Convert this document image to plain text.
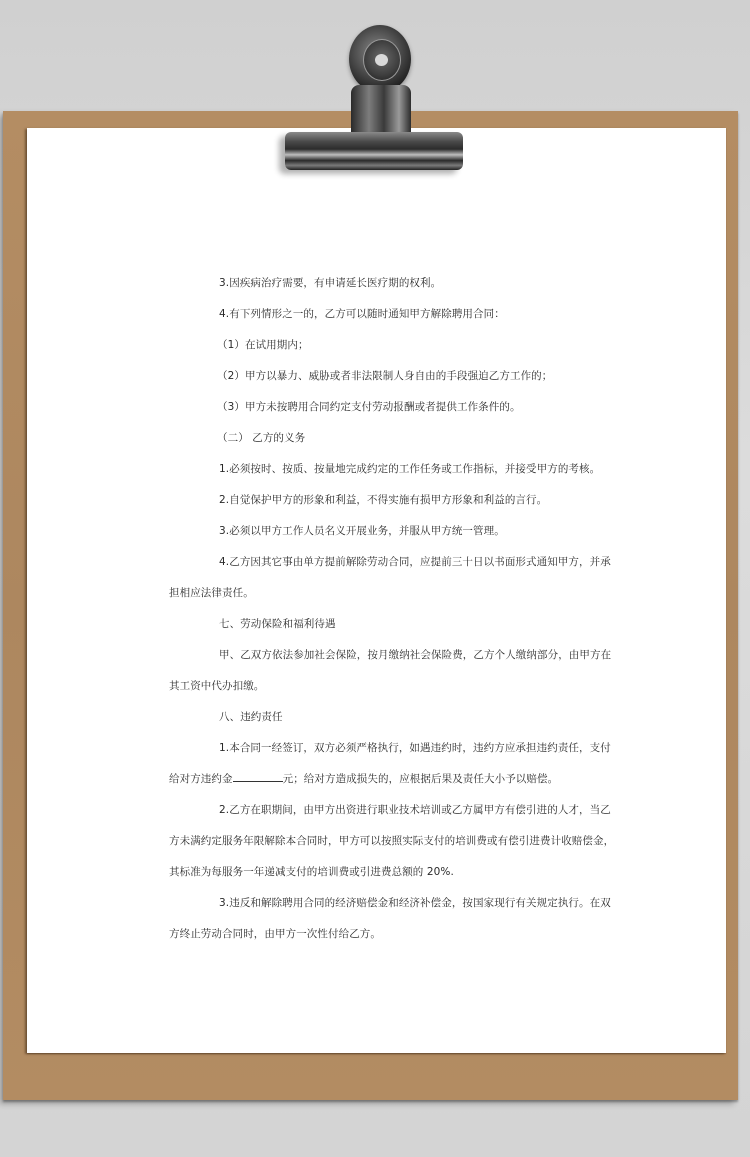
3.因疾病治疗需要，有申请延长医疗期的权利。
4.有下列情形之一的，乙方可以随时通知甲方解除聘用合同：
（1）在试用期内；
（2）甲方以暴力、威胁或者非法限制人身自由的手段强迫乙方工作的；
（3）甲方未按聘用合同约定支付劳动报酬或者提供工作条件的。
（二） 乙方的义务
1.必须按时、按质、按量地完成约定的工作任务或工作指标，并接受甲方的考核。
2.自觉保护甲方的形象和利益，不得实施有损甲方形象和利益的言行。
3.必须以甲方工作人员名义开展业务，并服从甲方统一管理。
4.乙方因其它事由单方提前解除劳动合同，应提前三十日以书面形式通知甲方，并承
担相应法律责任。
七、劳动保险和福利待遇
甲、乙双方依法参加社会保险，按月缴纳社会保险费，乙方个人缴纳部分，由甲方在
其工资中代办扣缴。
八、违约责任
1.本合同一经签订，双方必须严格执行，如遇违约时，违约方应承担违约责任，支付
给对方违约金	元；给对方造成损失的，应根据后果及责任大小予以赔偿。
2.乙方在职期间，由甲方出资进行职业技术培训或乙方属甲方有偿引进的人才，当乙
方未满约定服务年限解除本合同时，甲方可以按照实际支付的培训费或有偿引进费计收赔偿金，
其标准为每服务一年递减支付的培训费或引进费总额的 20%.
3.违反和解除聘用合同的经济赔偿金和经济补偿金，按国家现行有关规定执行。在双
方终止劳动合同时，由甲方一次性付给乙方。
